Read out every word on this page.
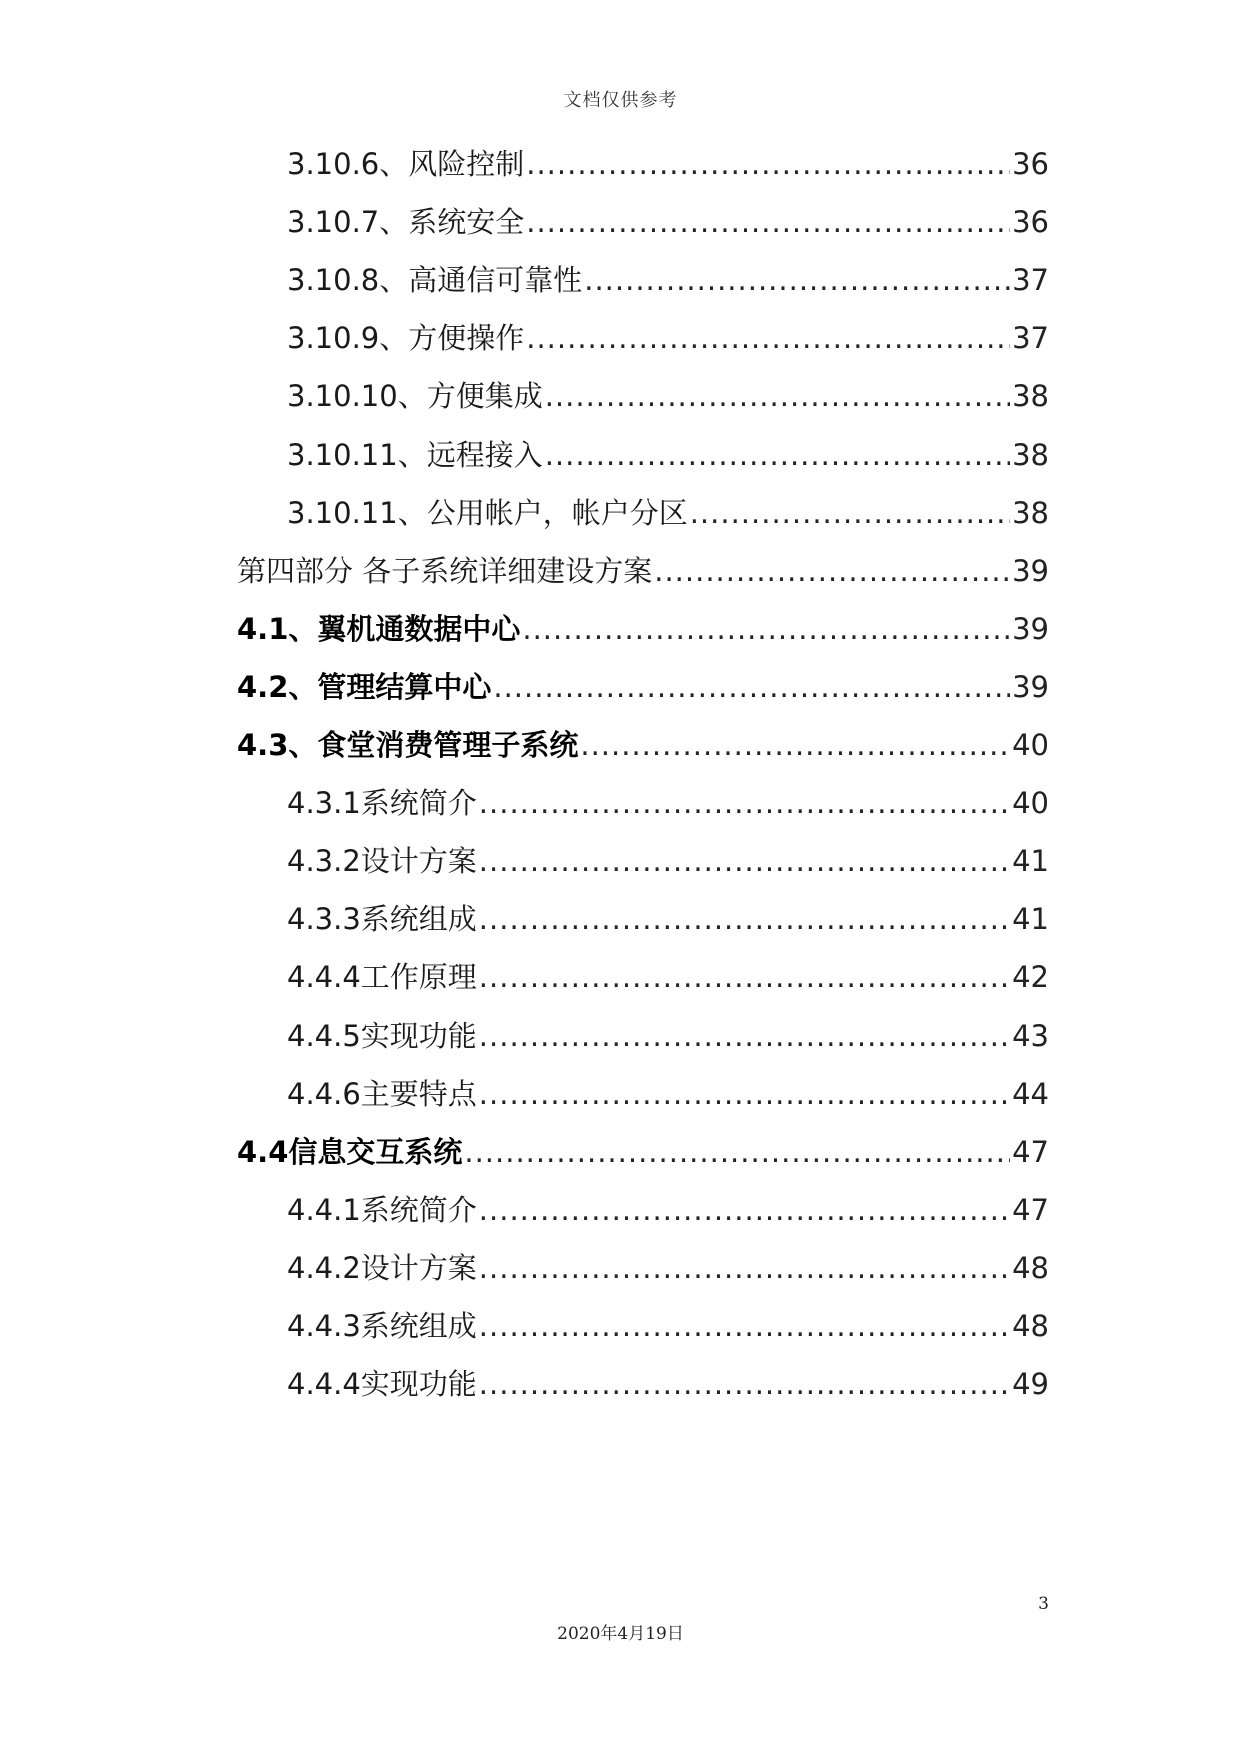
文档仅供参考
3.10.6、风险控制 .....	36
3.10.7、系统安全 .....	36
3.10.8、高通信可靠性 .....	37
3.10.9、方便操作 .....	37
3.10.10、方便集成 .....	38
3.10.11、远程接入 .....	38
3.10.11、公用帐户，帐户分区 .....	38
第四部分 各子系统详细建设方案 .....	39
4.1、翼机通数据中心 .....	39
4.2、管理结算中心 .....	39
4.3、食堂消费管理子系统 .....	40
4.3.1系统简介 .....	40
4.3.2设计方案 .....	41
4.3.3系统组成 .....	41
4.4.4工作原理 .....	42
4.4.5实现功能 .....	43
4.4.6主要特点 .....	44
4.4信息交互系统 .....	47
4.4.1系统简介 .....	47
4.4.2设计方案 .....	48
4.4.3系统组成 .....	48
4.4.4实现功能 .....	49
3
2020年4月19日
